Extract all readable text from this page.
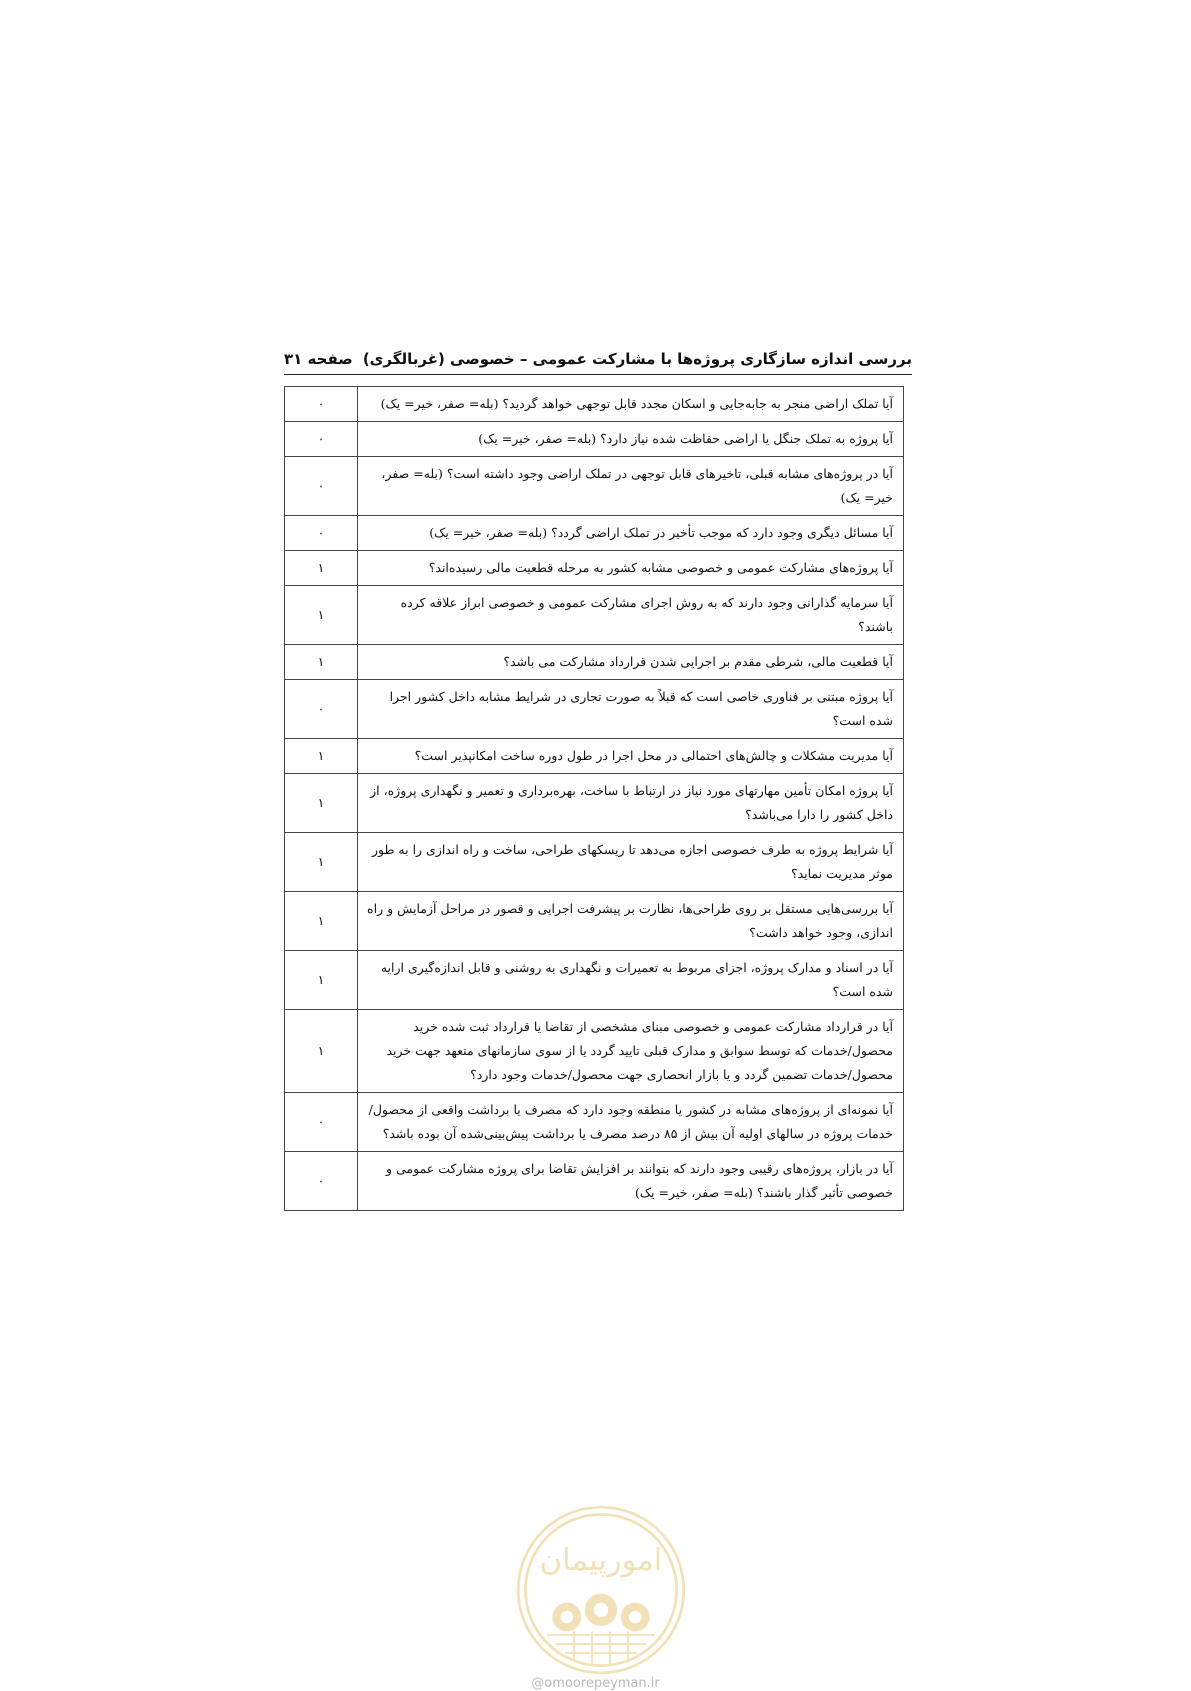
بررسی اندازه سازگاری پروژه‌ها با مشارکت عمومی – خصوصی (غربالگری)
صفحه ۳۱
آیا تملک اراضی منجر به جابه‌جایی و اسکان مجدد قابل توجهی خواهد گردید؟ (بله= صفر، خیر= یک)	۰
آیا پروژه به تملک جنگل یا اراضی حفاظت شده نیاز دارد؟ (بله= صفر، خیر= یک)	۰
آیا در پروژه‌های مشابه قبلی، تاخیرهای قابل توجهی در تملک اراضی وجود داشته است؟ (بله= صفر، خیر= یک)	۰
آیا مسائل دیگری وجود دارد که موجب تأخیر در تملک اراضی گردد؟ (بله= صفر، خیر= یک)	۰
آیا پروژه‌های مشارکت عمومی و خصوصی مشابه کشور به مرحله قطعیت مالی رسیده‌اند؟	۱
آیا سرمایه گذارانی وجود دارند که به روش اجرای مشارکت عمومی و خصوصی ابراز علاقه کرده باشند؟	۱
آیا قطعیت مالی، شرطی مقدم بر اجرایی شدن قرارداد مشارکت می باشد؟	۱
آیا پروژه مبتنی بر فناوری خاصی است که قبلاً به صورت تجاری در شرایط مشابه داخل کشور اجرا شده است؟	۰
آیا مدیریت مشکلات و چالش‌های احتمالی در محل اجرا در طول دوره ساخت امکانپذیر است؟	۱
آیا پروژه امکان تأمین مهارتهای مورد نیاز در ارتباط با ساخت، بهره‌برداری و تعمیر و نگهداری پروژه، از داخل کشور را دارا می‌باشد؟	۱
آیا شرایط پروژه به طرف خصوصی اجازه می‌دهد تا ریسکهای طراحی، ساخت و راه اندازی را به طور موثر مدیریت نماید؟	۱
آیا بررسی‌هایی مستقل بر روی طراحی‌ها، نظارت بر پیشرفت اجرایی و قصور در مراحل آزمایش و راه اندازی، وجود خواهد داشت؟	۱
آیا در اسناد و مدارک پروژه، اجزای مربوط به تعمیرات و نگهداری به روشنی و قابل اندازه‌گیری ارایه شده است؟	۱
آیا در قرارداد مشارکت عمومی و خصوصی مبنای مشخصی از تقاضا یا قرارداد ثبت شده خرید محصول/خدمات که توسط سوابق و مدارک قبلی تایید گردد یا از سوی سازمانهای متعهد جهت خرید محصول/خدمات تضمین گردد و یا بازار انحصاری جهت محصول/خدمات وجود دارد؟	۱
آیا نمونه‌ای از پروژه‌های مشابه در کشور یا منطقه وجود دارد که مصرف یا برداشت واقعی از محصول/خدمات پروژه در سالهای اولیه آن بیش از ۸۵ درصد مصرف یا برداشت پیش‌بینی‌شده آن بوده باشد؟	۰
آیا در بازار، پروژه‌های رقیبی وجود دارند که بتوانند بر افزایش تقاضا برای پروژه مشارکت عمومی و خصوصی تأثیر گذار باشند؟ (بله= صفر، خیر= یک)	۰
امورپیمان
@omoorepeyman.ir
